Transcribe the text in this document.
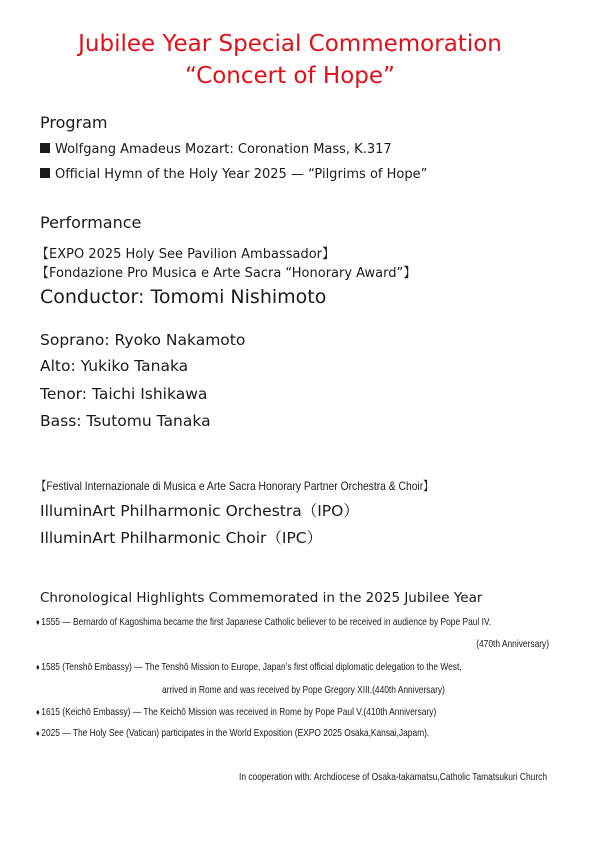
Jubilee Year Special Commemoration
“Concert of Hope”
Program
Wolfgang Amadeus Mozart: Coronation Mass, K.317
Official Hymn of the Holy Year 2025 — “Pilgrims of Hope”
Performance
【EXPO 2025 Holy See Pavilion Ambassador】
【Fondazione Pro Musica e Arte Sacra “Honorary Award”】
Conductor: Tomomi Nishimoto
Soprano: Ryoko Nakamoto
Alto: Yukiko Tanaka
Tenor: Taichi Ishikawa
Bass: Tsutomu Tanaka
【Festival Internazionale di Musica e Arte Sacra Honorary Partner Orchestra & Choir】
IlluminArt Philharmonic Orchestra（IPO）
IlluminArt Philharmonic Choir（IPC）
Chronological Highlights Commemorated in the 2025 Jubilee Year
♦ 1555 — Bernardo of Kagoshima became the first Japanese Catholic believer to be received in audience by Pope Paul IV.
(470th Anniversary)
♦ 1585 (Tenshō Embassy) — The Tenshō Mission to Europe, Japan’s first official diplomatic delegation to the West,
arrived in Rome and was received by Pope Gregory XIII.(440th Anniversary)
♦ 1615 (Keichō Embassy) — The Keichō Mission was received in Rome by Pope Paul V.(410th Anniversary)
♦ 2025 — The Holy See (Vatican) participates in the World Exposition (EXPO 2025 Osaka,Kansai,Japam).
In cooperation with: Archdiocese of Osaka-takamatsu,Catholic Tamatsukuri Church
